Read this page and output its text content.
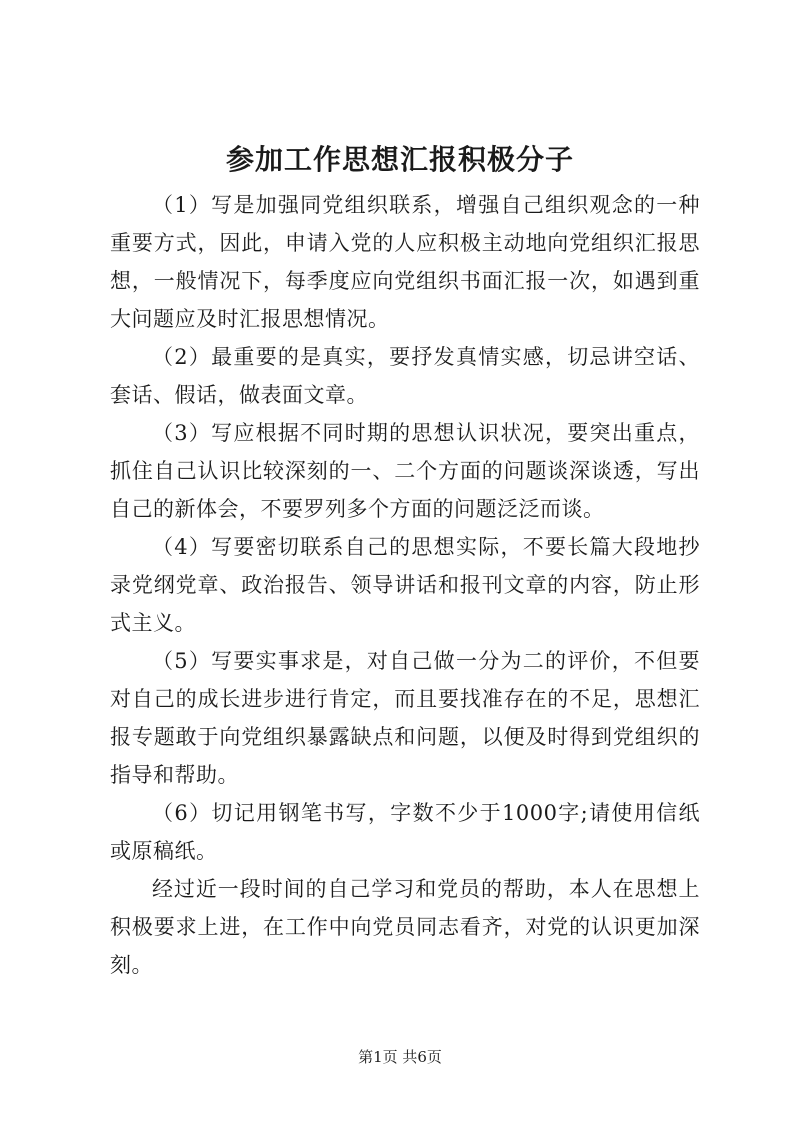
参加工作思想汇报积极分子

（1）写是加强同党组织联系，增强自己组织观念的一种重要方式，因此，申请入党的人应积极主动地向党组织汇报思想，一般情况下，每季度应向党组织书面汇报一次，如遇到重大问题应及时汇报思想情况。

（2）最重要的是真实，要抒发真情实感，切忌讲空话、套话、假话，做表面文章。

（3）写应根据不同时期的思想认识状况，要突出重点，抓住自己认识比较深刻的一、二个方面的问题谈深谈透，写出自己的新体会，不要罗列多个方面的问题泛泛而谈。

（4）写要密切联系自己的思想实际，不要长篇大段地抄录党纲党章、政治报告、领导讲话和报刊文章的内容，防止形式主义。

（5）写要实事求是，对自己做一分为二的评价，不但要对自己的成长进步进行肯定，而且要找准存在的不足，思想汇报专题敢于向党组织暴露缺点和问题，以便及时得到党组织的指导和帮助。

（6）切记用钢笔书写，字数不少于1000字;请使用信纸或原稿纸。

经过近一段时间的自己学习和党员的帮助，本人在思想上积极要求上进，在工作中向党员同志看齐，对党的认识更加深刻。

第1页 共6页
